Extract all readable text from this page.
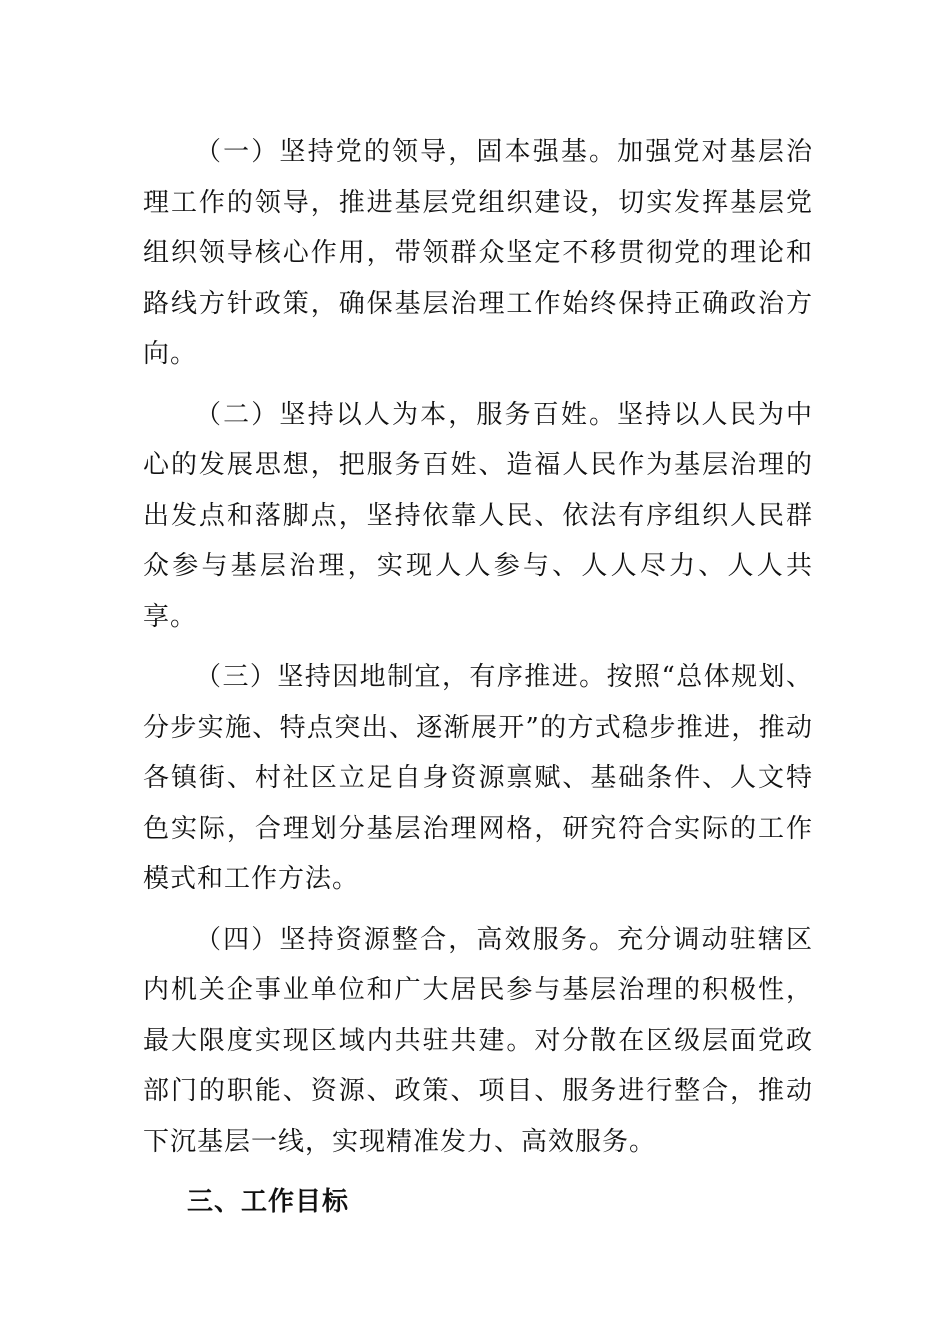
（一）坚持党的领导，固本强基。加强党对基层治理工作的领导，推进基层党组织建设，切实发挥基层党组织领导核心作用，带领群众坚定不移贯彻党的理论和路线方针政策，确保基层治理工作始终保持正确政治方向。

（二）坚持以人为本，服务百姓。坚持以人民为中心的发展思想，把服务百姓、造福人民作为基层治理的出发点和落脚点，坚持依靠人民、依法有序组织人民群众参与基层治理，实现人人参与、人人尽力、人人共享。

（三）坚持因地制宜，有序推进。按照“总体规划、分步实施、特点突出、逐渐展开”的方式稳步推进，推动各镇街、村社区立足自身资源禀赋、基础条件、人文特色实际，合理划分基层治理网格，研究符合实际的工作模式和工作方法。

（四）坚持资源整合，高效服务。充分调动驻辖区内机关企事业单位和广大居民参与基层治理的积极性，最大限度实现区域内共驻共建。对分散在区级层面党政部门的职能、资源、政策、项目、服务进行整合，推动下沉基层一线，实现精准发力、高效服务。

三、工作目标
